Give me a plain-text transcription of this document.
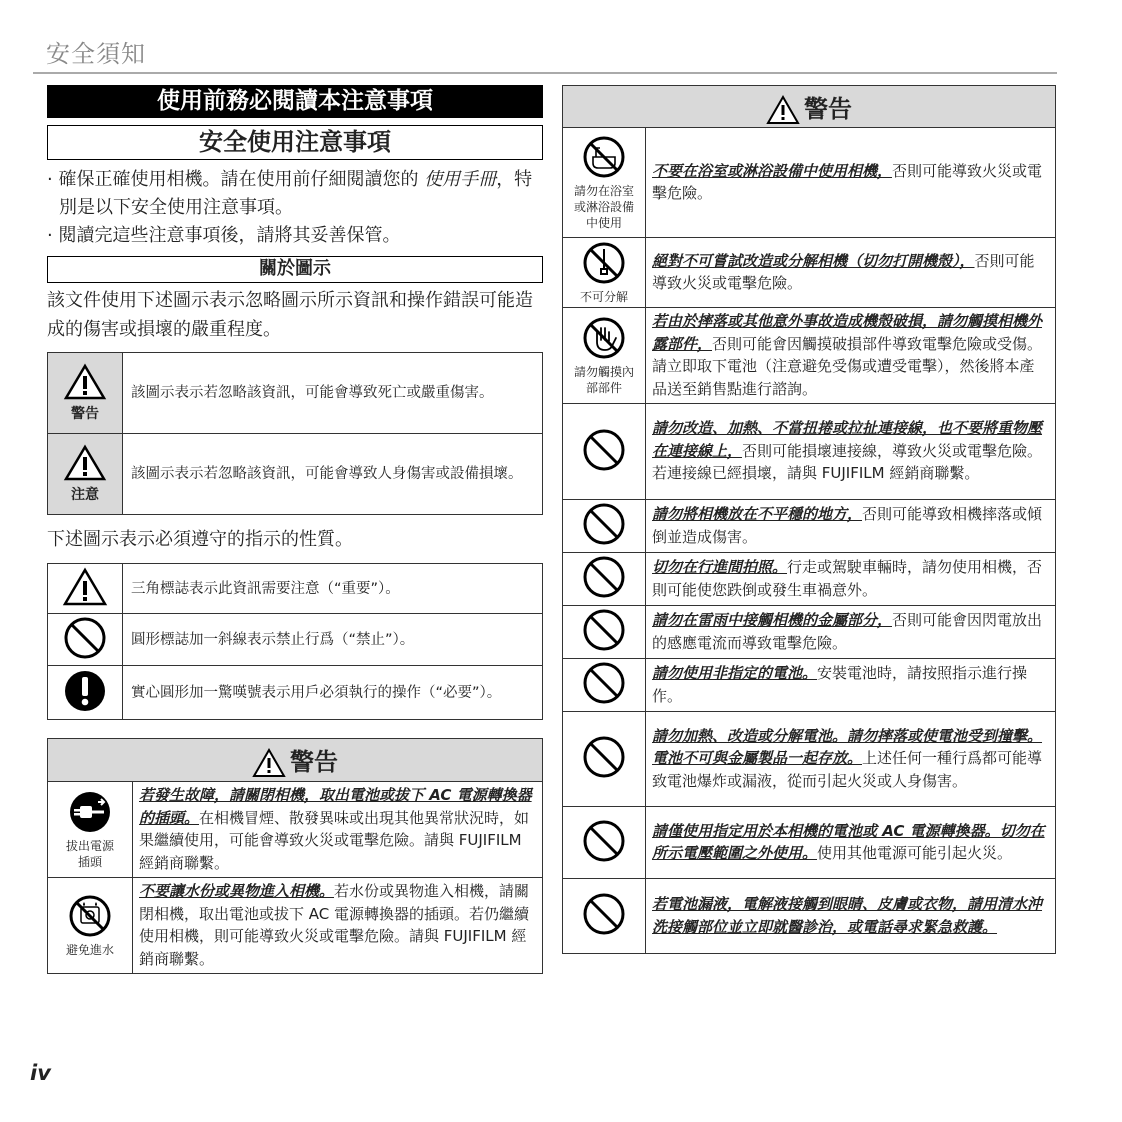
安全須知
使用前務必閱讀本注意事項
安全使用注意事項
· 確保正確使用相機。請在使用前仔細閱讀您的 使用手冊，特別是以下安全使用注意事項。
· 閱讀完這些注意事項後，請將其妥善保管。
關於圖示
該文件使用下述圖示表示忽略圖示所示資訊和操作錯誤可能造成的傷害或損壞的嚴重程度。
警告	該圖示表示若忽略該資訊，可能會導致死亡或嚴重傷害。

注意	該圖示表示若忽略該資訊，可能會導致人身傷害或設備損壞。
下述圖示表示必須遵守的指示的性質。
	三角標誌表示此資訊需要注意（“重要”）。
	圓形標誌加一斜線表示禁止行爲（“禁止”）。
	實心圓形加一驚嘆號表示用戶必須執行的操作（“必要”）。
警告	

拔出電源插頭	若發生故障，請關閉相機，取出電池或拔下 AC 電源轉換器的插頭。在相機冒煙、散發異味或出現其他異常狀況時，如果繼續使用，可能會導致火災或電擊危險。請與 FUJIFILM 經銷商聯繫。

避免進水	不要讓水份或異物進入相機。若水份或異物進入相機，請關閉相機，取出電池或拔下 AC 電源轉換器的插頭。若仍繼續使用相機，則可能導致火災或電擊危險。請與 FUJIFILM 經銷商聯繫。
警告	

請勿在浴室或淋浴設備中使用	不要在浴室或淋浴設備中使用相機，否則可能導致火災或電擊危險。

不可分解	絕對不可嘗試改造或分解相機（切勿打開機殼），否則可能導致火災或電擊危險。

請勿觸摸內部部件	若由於摔落或其他意外事故造成機殼破損，請勿觸摸相機外露部件，否則可能會因觸摸破損部件導致電擊危險或受傷。請立即取下電池（注意避免受傷或遭受電擊），然後將本產品送至銷售點進行諮詢。
	請勿改造、加熱、不當扭捲或拉扯連接線，也不要將重物壓在連接線上，否則可能損壞連接線，導致火災或電擊危險。若連接線已經損壞，請與 FUJIFILM 經銷商聯繫。
	請勿將相機放在不平穩的地方，否則可能導致相機摔落或傾倒並造成傷害。
	切勿在行進間拍照。行走或駕駛車輛時，請勿使用相機，否則可能使您跌倒或發生車禍意外。
	請勿在雷雨中接觸相機的金屬部分，否則可能會因閃電放出的感應電流而導致電擊危險。
	請勿使用非指定的電池。安裝電池時，請按照指示進行操作。
	請勿加熱、改造或分解電池。請勿摔落或使電池受到撞擊。電池不可與金屬製品一起存放。上述任何一種行爲都可能導致電池爆炸或漏液，從而引起火災或人身傷害。
	請僅使用指定用於本相機的電池或 AC 電源轉換器。切勿在所示電壓範圍之外使用。使用其他電源可能引起火災。
	若電池漏液，電解液接觸到眼睛、皮膚或衣物，請用清水沖洗接觸部位並立即就醫診治，或電話尋求緊急救護。
iv
